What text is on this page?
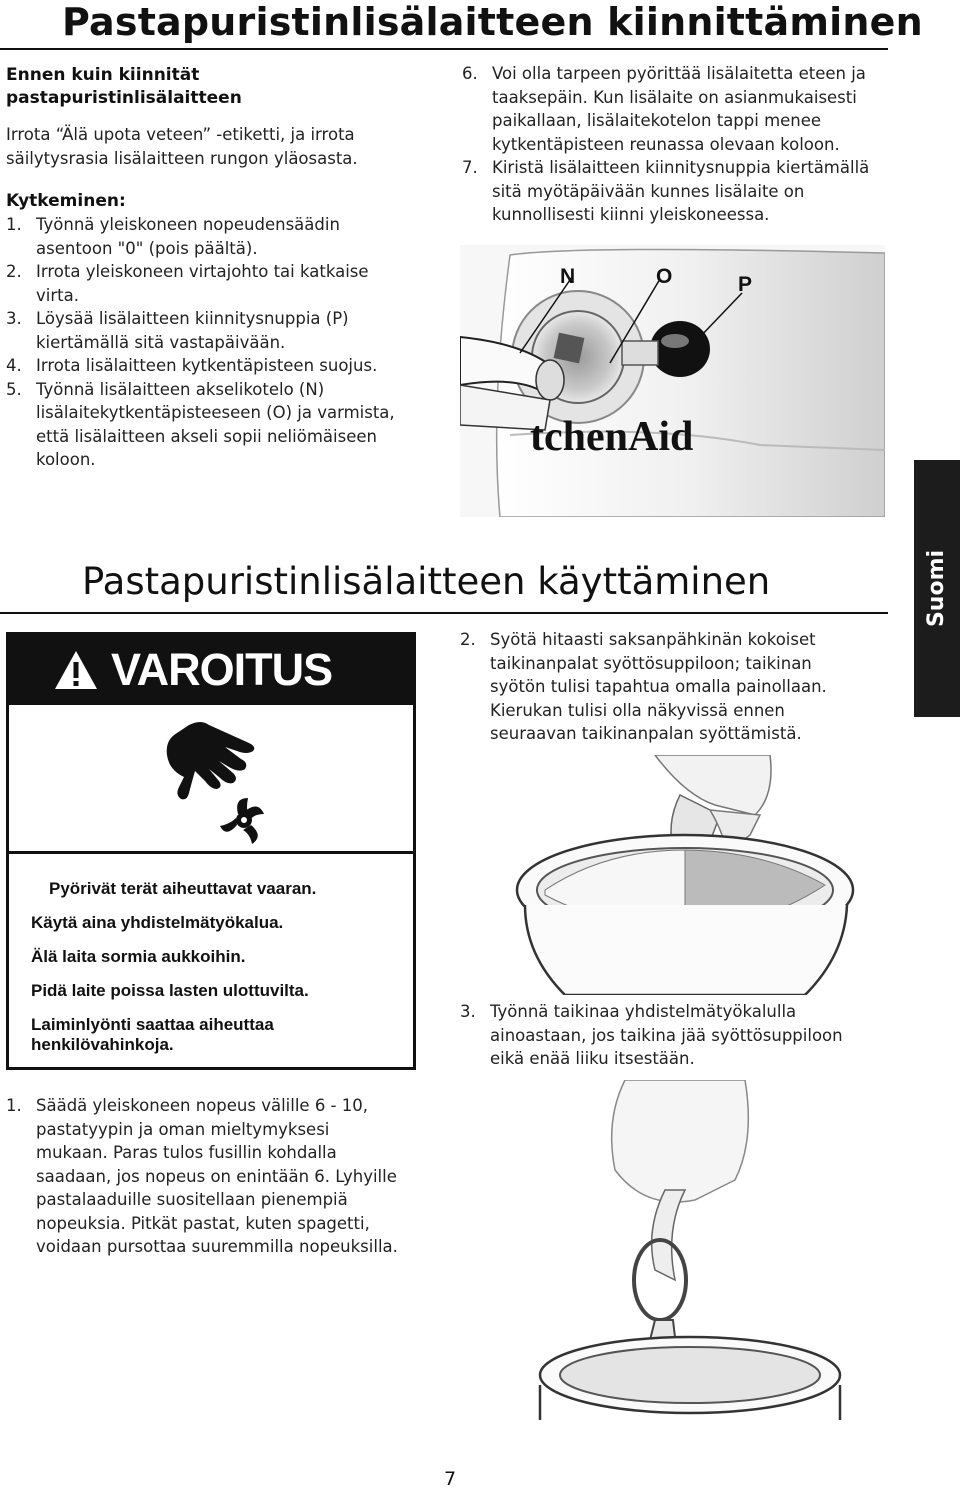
Pastapuristinlisälaitteen kiinnittäminen
Ennen kuin kiinnität
pastapuristinlisälaitteen
Irrota “Älä upota veteen” -etiketti, ja irrota
säilytysrasia lisälaitteen rungon yläosasta.
Kytkeminen:
1. Työnnä yleiskoneen nopeudensäädin
asentoon "0" (pois päältä).
2. Irrota yleiskoneen virtajohto tai katkaise
virta.
3. Löysää lisälaitteen kiinnitysnuppia (P)
kiertämällä sitä vastapäivään.
4. Irrota lisälaitteen kytkentäpisteen suojus.
5. Työnnä lisälaitteen akselikotelo (N)
lisälaitekytkentäpisteeseen (O) ja varmista,
että lisälaitteen akseli sopii neliömäiseen
koloon.
6. Voi olla tarpeen pyörittää lisälaitetta eteen ja
taaksepäin. Kun lisälaite on asianmukaisesti
paikallaan, lisälaitekotelon tappi menee
kytkentäpisteen reunassa olevaan koloon.
7. Kiristä lisälaitteen kiinnitysnuppia kiertämällä
sitä myötäpäivään kunnes lisälaite on
kunnollisesti kiinni yleiskoneessa.
N	O	P
tchenAid
Suomi
Pastapuristinlisälaitteen käyttäminen
VAROITUS
Pyörivät terät aiheuttavat vaaran.
Käytä aina yhdistelmätyökalua.
Älä laita sormia aukkoihin.
Pidä laite poissa lasten ulottuvilta.
Laiminlyönti saattaa aiheuttaa
henkilövahinkoja.
2. Syötä hitaasti saksanpähkinän kokoiset
taikinanpalat syöttösuppiloon; taikinan
syötön tulisi tapahtua omalla painollaan.
Kierukan tulisi olla näkyvissä ennen
seuraavan taikinanpalan syöttämistä.
3. Työnnä taikinaa yhdistelmätyökalulla
ainoastaan, jos taikina jää syöttösuppiloon
eikä enää liiku itsestään.
1. Säädä yleiskoneen nopeus välille 6 - 10,
pastatyypin ja oman mieltymyksesi
mukaan. Paras tulos fusillin kohdalla
saadaan, jos nopeus on enintään 6. Lyhyille
pastalaaduille suositellaan pienempiä
nopeuksia. Pitkät pastat, kuten spagetti,
voidaan pursottaa suuremmilla nopeuksilla.
7
